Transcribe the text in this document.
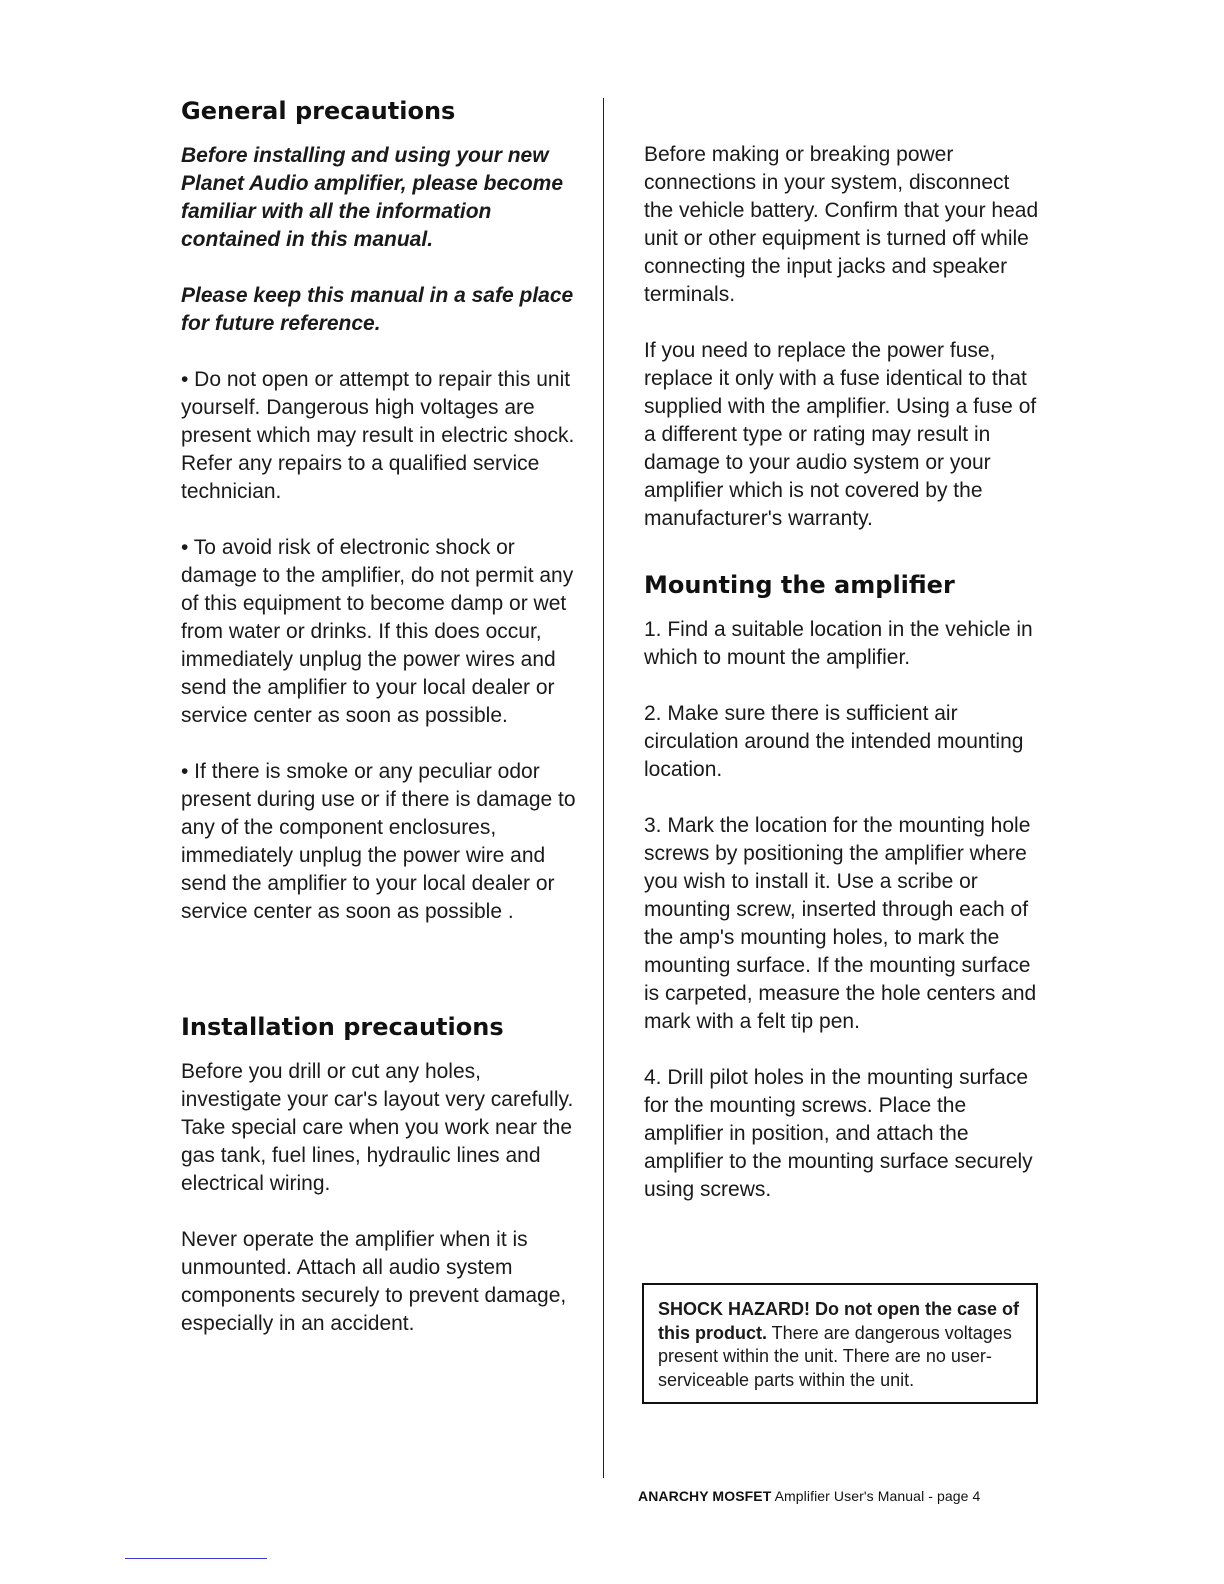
General precautions

Before installing and using your new Planet Audio amplifier, please become familiar with all the information contained in this manual.

Please keep this manual in a safe place for future reference.

• Do not open or attempt to repair this unit yourself. Dangerous high voltages are present which may result in electric shock. Refer any repairs to a qualified service technician.

• To avoid risk of electronic shock or damage to the amplifier, do not permit any of this equipment to become damp or wet from water or drinks. If this does occur, immediately unplug the power wires and send the amplifier to your local dealer or service center as soon as possible.

• If there is smoke or any peculiar odor present during use or if there is damage to any of the component enclosures, immediately unplug the power wire and send the amplifier to your local dealer or service center as soon as possible .

Installation precautions

Before you drill or cut any holes, investigate your car's layout very carefully. Take special care when you work near the gas tank, fuel lines, hydraulic lines and electrical wiring.

Never operate the amplifier when it is unmounted. Attach all audio system components securely to prevent damage, especially in an accident.

Before making or breaking power connections in your system, disconnect the vehicle battery. Confirm that your head unit or other equipment is turned off while connecting the input jacks and speaker terminals.

If you need to replace the power fuse, replace it only with a fuse identical to that supplied with the amplifier. Using a fuse of a different type or rating may result in damage to your audio system or your amplifier which is not covered by the manufacturer's warranty.

Mounting the amplifier

1. Find a suitable location in the vehicle in which to mount the amplifier.

2. Make sure there is sufficient air circulation around the intended mounting location.

3. Mark the location for the mounting hole screws by positioning the amplifier where you wish to install it. Use a scribe or mounting screw, inserted through each of the amp's mounting holes, to mark the mounting surface. If the mounting surface is carpeted, measure the hole centers and mark with a felt tip pen.

4. Drill pilot holes in the mounting surface for the mounting screws. Place the amplifier in position, and attach the amplifier to the mounting surface securely using screws.

SHOCK HAZARD! Do not open the case of this product. There are dangerous voltages present within the unit. There are no user-serviceable parts within the unit.

ANARCHY MOSFET Amplifier User's Manual - page 4
